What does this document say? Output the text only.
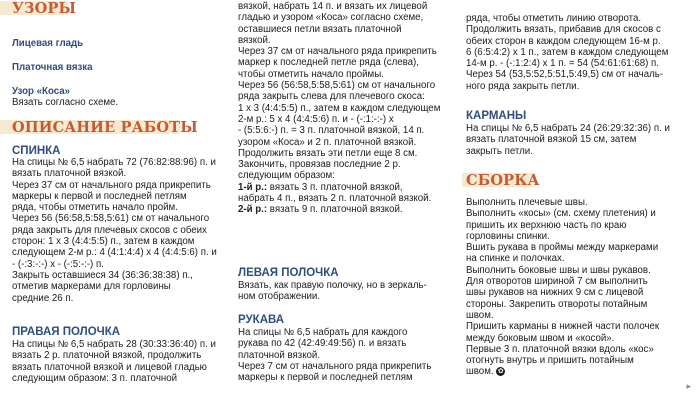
УЗОРЫ
Лицевая гладь
Платочная вязка
Узор «Коса»
Вязать согласно схеме.
ОПИСАНИЕ РАБОТЫ
СПИНКА
На спицы № 6,5 набрать 72 (76:82:88:96) п. и
вязать платочной вязкой.
Через 37 см от начального ряда прикрепить
маркеры к первой и последней петлям
ряда, чтобы отметить начало пройм.
Через 56 (56:58,5:58,5:61) см от начального
ряда закрыть для плечевых скосов с обеих
сторон: 1 х 3 (4:4:5:5) п., затем в каждом
следующем 2-м р.: 4 (4:1:4:4) х 4 (4:4:5:6) п. и
- (-:3:-:-) х - (-:5:-:-) п.
Закрыть оставшиеся 34 (36:36:38:38) п.,
отметив маркерами для горловины
средние 26 п.
ПРАВАЯ ПОЛОЧКА
На спицы № 6,5 набрать 28 (30:33:36:40) п. и
вязать 2 р. платочной вязкой, продолжить
вязать платочной вязкой и лицевой гладью
следующим образом: 3 п. платочной
вязкой, набрать 14 п. и вязать их лицевой
гладью и узором «Коса» согласно схеме,
оставшиеся петли вязать платочной
вязкой.
Через 37 см от начального ряда прикрепить
маркер к последней петле ряда (слева),
чтобы отметить начало проймы.
Через 56 (56:58,5:58,5:61) см от начального
ряда закрыть слева для плечевого скоса:
1 х 3 (4:4:5:5) п., затем в каждом следующем
2-м р.: 5 х 4 (4:4:5:6) п. и - (-:1:-:-) х
- (5:5:6:-) п. = 3 п. платочной вязкой, 14 п.
узором «Коса» и 2 п. платочной вязкой.
Продолжить вязать эти петли еще 8 см.
Закончить, провязав последние 2 р.
следующим образом:
1-й р.: вязать 3 п. платочной вязкой,
набрать 4 п., вязать 2 п. платочной вязкой.
2-й р.: вязать 9 п. платочной вязкой.
ЛЕВАЯ ПОЛОЧКА
Вязать, как правую полочку, но в зеркаль-
ном отображении.
РУКАВА
На спицы № 6,5 набрать для каждого
рукава по 42 (42:49:49:56) п. и вязать
платочной вязкой.
Через 7 см от начального ряда прикрепить
маркеры к первой и последней петлям
ряда, чтобы отметить линию отворота.
Продолжить вязать, прибавив для скосов с
обеих сторон в каждом следующем 16-м р.
6 (6:5:4:2) х 1 п., затем в каждом следующем
14-м р. - (-:1:2:4) х 1 п. = 54 (54:61:61:68) п.
Через 54 (53,5:52,5:51,5:49,5) см от началь-
ного ряда закрыть петли.
КАРМАНЫ
На спицы № 6,5 набрать 24 (26:29:32:36) п. и
вязать платочной вязкой 15 см, затем
закрыть петли.
СБОРКА
Выполнить плечевые швы.
Выполнить «косы» (см. схему плетения) и
пришить их верхнюю часть по краю
горловины спинки.
Вшить рукава в проймы между маркерами
на спинке и полочках.
Выполнить боковые швы и швы рукавов.
Для отворотов шириной 7 см выполнить
швы рукавов на нижних 9 см с лицевой
стороны. Закрепить отвороты потайным
швом.
Пришить карманы в нижней части полочек
между боковым швом и «косой».
Первые 3 п. платочной вязки вдоль «кос»
отогнуть внутрь и пришить потайным
швом. ✿
▸
